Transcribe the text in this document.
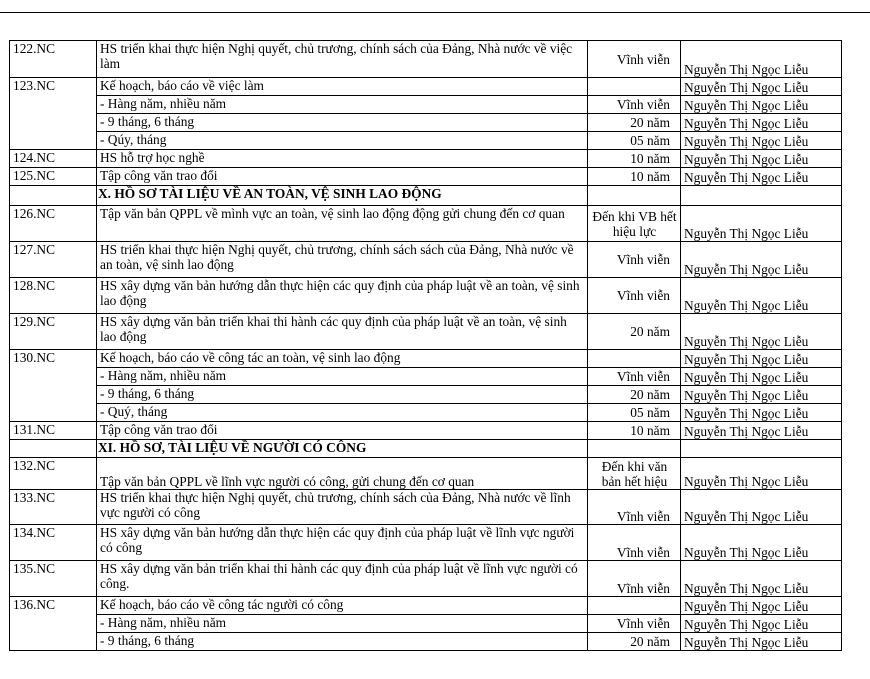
122.NC	HS triển khai thực hiện Nghị quyết, chủ trương, chính sách của Đảng, Nhà nước về việc làm	Vĩnh viễn	Nguyễn Thị Ngọc Liễu
123.NC	Kế hoạch, báo cáo về việc làm		Nguyễn Thị Ngọc Liễu
	- Hàng năm, nhiều năm	Vĩnh viễn	Nguyễn Thị Ngọc Liễu
	- 9 tháng, 6 tháng	20 năm	Nguyễn Thị Ngọc Liễu
	- Qúy, tháng	05 năm	Nguyễn Thị Ngọc Liễu
124.NC	HS hỗ trợ học nghề	10 năm	Nguyễn Thị Ngọc Liễu
125.NC	Tập công văn trao đổi	10 năm	Nguyễn Thị Ngọc Liễu
	X. HỒ SƠ TÀI LIỆU VỀ AN TOÀN, VỆ SINH LAO ĐỘNG		
126.NC	Tập văn bản QPPL về mình vực an toàn, vệ sinh lao động động gửi chung đến cơ quan	Đến khi VB hết hiệu lực	Nguyễn Thị Ngọc Liễu
127.NC	HS triển khai thực hiện Nghị quyết, chủ trương, chính sách sách của Đảng, Nhà nước về an toàn, vệ sinh lao động	Vĩnh viễn	Nguyễn Thị Ngọc Liễu
128.NC	HS xây dựng văn bản hướng dẫn thực hiện các quy định của pháp luật về an toàn, vệ sinh lao động	Vĩnh viễn	Nguyễn Thị Ngọc Liễu
129.NC	HS xây dựng văn bản triển khai thi hành các quy định của pháp luật về an toàn, vệ sinh lao động	20 năm	Nguyễn Thị Ngọc Liễu
130.NC	Kế hoạch, báo cáo về công tác an toàn, vệ sinh lao động		Nguyễn Thị Ngọc Liễu
	- Hàng năm, nhiều năm	Vĩnh viễn	Nguyễn Thị Ngọc Liễu
	- 9 tháng, 6 tháng	20 năm	Nguyễn Thị Ngọc Liễu
	- Quý, tháng	05 năm	Nguyễn Thị Ngọc Liễu
131.NC	Tập công văn trao đổi	10 năm	Nguyễn Thị Ngọc Liễu
	XI. HỒ SƠ, TÀI LIỆU VỀ NGƯỜI CÓ CÔNG		
132.NC	Tập văn bản QPPL về lĩnh vực người có công, gửi chung đến cơ quan	Đến khi văn bản hết hiệu	Nguyễn Thị Ngọc Liễu
133.NC	HS triển khai thực hiện Nghị quyết, chủ trương, chính sách của Đảng, Nhà nước về lĩnh vực người có công	Vĩnh viễn	Nguyễn Thị Ngọc Liễu
134.NC	HS xây dựng văn bản hướng dẫn thực hiện các quy định của pháp luật về lĩnh vực người có công	Vĩnh viễn	Nguyễn Thị Ngọc Liễu
135.NC	HS xây dựng văn bản triển khai thi hành các quy định của pháp luật về lĩnh vực người có công.	Vĩnh viễn	Nguyễn Thị Ngọc Liễu
136.NC	Kế hoạch, báo cáo về công tác người có công		Nguyễn Thị Ngọc Liễu
	- Hàng năm, nhiều năm	Vĩnh viễn	Nguyễn Thị Ngọc Liễu
	- 9 tháng, 6 tháng	20 năm	Nguyễn Thị Ngọc Liễu
